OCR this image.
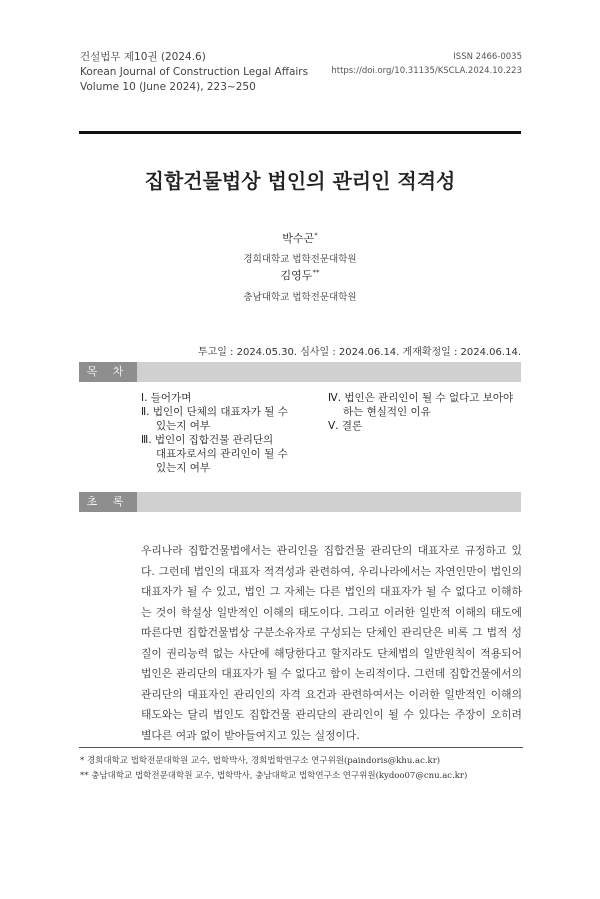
건설법무 제10권 (2024.6)
Korean Journal of Construction Legal Affairs
Volume 10 (June 2024), 223~250
ISSN 2466-0035
https://doi.org/10.31135/KSCLA.2024.10.223
집합건물법상 법인의 관리인 적격성
박수곤*
경희대학교 법학전문대학원
김영두**
충남대학교 법학전문대학원
투고일 : 2024.05.30. 심사일 : 2024.06.14. 게재확정일 : 2024.06.14.
목 차
Ⅰ. 들어가며
Ⅱ. 법인이 단체의 대표자가 될 수
있는지 여부
Ⅲ. 법인이 집합건물 관리단의
대표자로서의 관리인이 될 수
있는지 여부
Ⅳ. 법인은 관리인이 될 수 없다고 보아야
하는 현실적인 이유
Ⅴ. 결론
초 록
우리나라 집합건물법에서는 관리인을 집합건물 관리단의 대표자로 규정하고 있다. 그런데 법인의 대표자 적격성과 관련하여, 우리나라에서는 자연인만이 법인의 대표자가 될 수 있고, 법인 그 자체는 다른 법인의 대표자가 될 수 없다고 이해하는 것이 학설상 일반적인 이해의 태도이다. 그리고 이러한 일반적 이해의 태도에 따른다면 집합건물법상 구분소유자로 구성되는 단체인 관리단은 비록 그 법적 성질이 권리능력 없는 사단에 해당한다고 할지라도 단체법의 일반원칙이 적용되어 법인은 관리단의 대표자가 될 수 없다고 함이 논리적이다. 그런데 집합건물에서의 관리단의 대표자인 관리인의 자격 요건과 관련하여서는 이러한 일반적인 이해의 태도와는 달리 법인도 집합건물 관리단의 관리인이 될 수 있다는 주장이 오히려 별다른 여과 없이 받아들여지고 있는 실정이다.
* 경희대학교 법학전문대학원 교수, 법학박사, 경희법학연구소 연구위원(paindoris@khu.ac.kr)
** 충남대학교 법학전문대학원 교수, 법학박사, 충남대학교 법학연구소 연구위원(kydoo07@cnu.ac.kr)
